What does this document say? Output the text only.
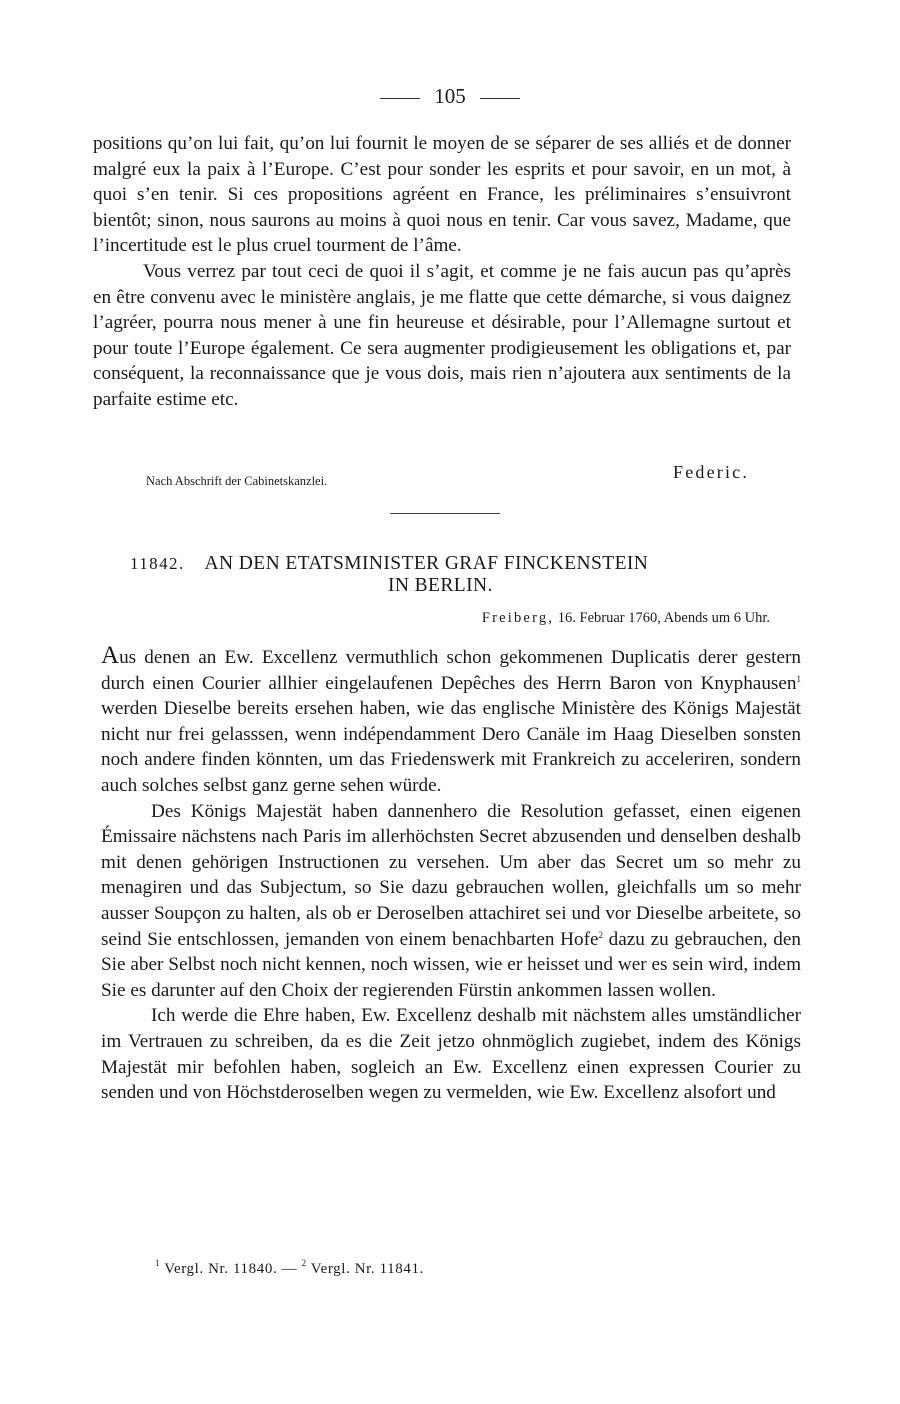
105

positions qu’on lui fait, qu’on lui fournit le moyen de se séparer de ses alliés et de donner malgré eux la paix à l’Europe. C’est pour sonder les esprits et pour savoir, en un mot, à quoi s’en tenir. Si ces propositions agréent en France, les préliminaires s’ensuivront bientôt; sinon, nous saurons au moins à quoi nous en tenir. Car vous savez, Madame, que l’incertitude est le plus cruel tourment de l’âme.

Vous verrez par tout ceci de quoi il s’agit, et comme je ne fais aucun pas qu’après en être convenu avec le ministère anglais, je me flatte que cette démarche, si vous daignez l’agréer, pourra nous mener à une fin heureuse et désirable, pour l’Allemagne surtout et pour toute l’Europe également. Ce sera augmenter prodigieusement les obligations et, par conséquent, la reconnaissance que je vous dois, mais rien n’ajoutera aux sentiments de la parfaite estime etc.

Nach Abschrift der Cabinetskanzlei.	Federic.
11842. AN DEN ETATSMINISTER GRAF FINCKENSTEIN
IN BERLIN.
Freiberg, 16. Februar 1760, Abends um 6 Uhr.

Aus denen an Ew. Excellenz vermuthlich schon gekommenen Duplicatis derer gestern durch einen Courier allhier eingelaufenen Depêches des Herrn Baron von Knyphausen$^1$ werden Dieselbe bereits ersehen haben, wie das englische Ministère des Königs Majestät nicht nur frei gelasssen, wenn indépendamment Dero Canäle im Haag Dieselben sonsten noch andere finden könnten, um das Friedenswerk mit Frankreich zu acceleriren, sondern auch solches selbst ganz gerne sehen würde.

Des Königs Majestät haben dannenhero die Resolution gefasset, einen eigenen Émissaire nächstens nach Paris im allerhöchsten Secret abzusenden und denselben deshalb mit denen gehörigen Instructionen zu versehen. Um aber das Secret um so mehr zu menagiren und das Subjectum, so Sie dazu gebrauchen wollen, gleichfalls um so mehr ausser Soupçon zu halten, als ob er Deroselben attachiret sei und vor Dieselbe arbeitete, so seind Sie entschlossen, jemanden von einem benachbarten Hofe$^2$ dazu zu gebrauchen, den Sie aber Selbst noch nicht kennen, noch wissen, wie er heisset und wer es sein wird, indem Sie es darunter auf den Choix der regierenden Fürstin ankommen lassen wollen.

Ich werde die Ehre haben, Ew. Excellenz deshalb mit nächstem alles umständlicher im Vertrauen zu schreiben, da es die Zeit jetzo ohnmöglich zugiebet, indem des Königs Majestät mir befohlen haben, sogleich an Ew. Excellenz einen expressen Courier zu senden und von Höchstderoselben wegen zu vermelden, wie Ew. Excellenz alsofort und

$^1$ Vergl. Nr. 11840. — $^2$ Vergl. Nr. 11841.
